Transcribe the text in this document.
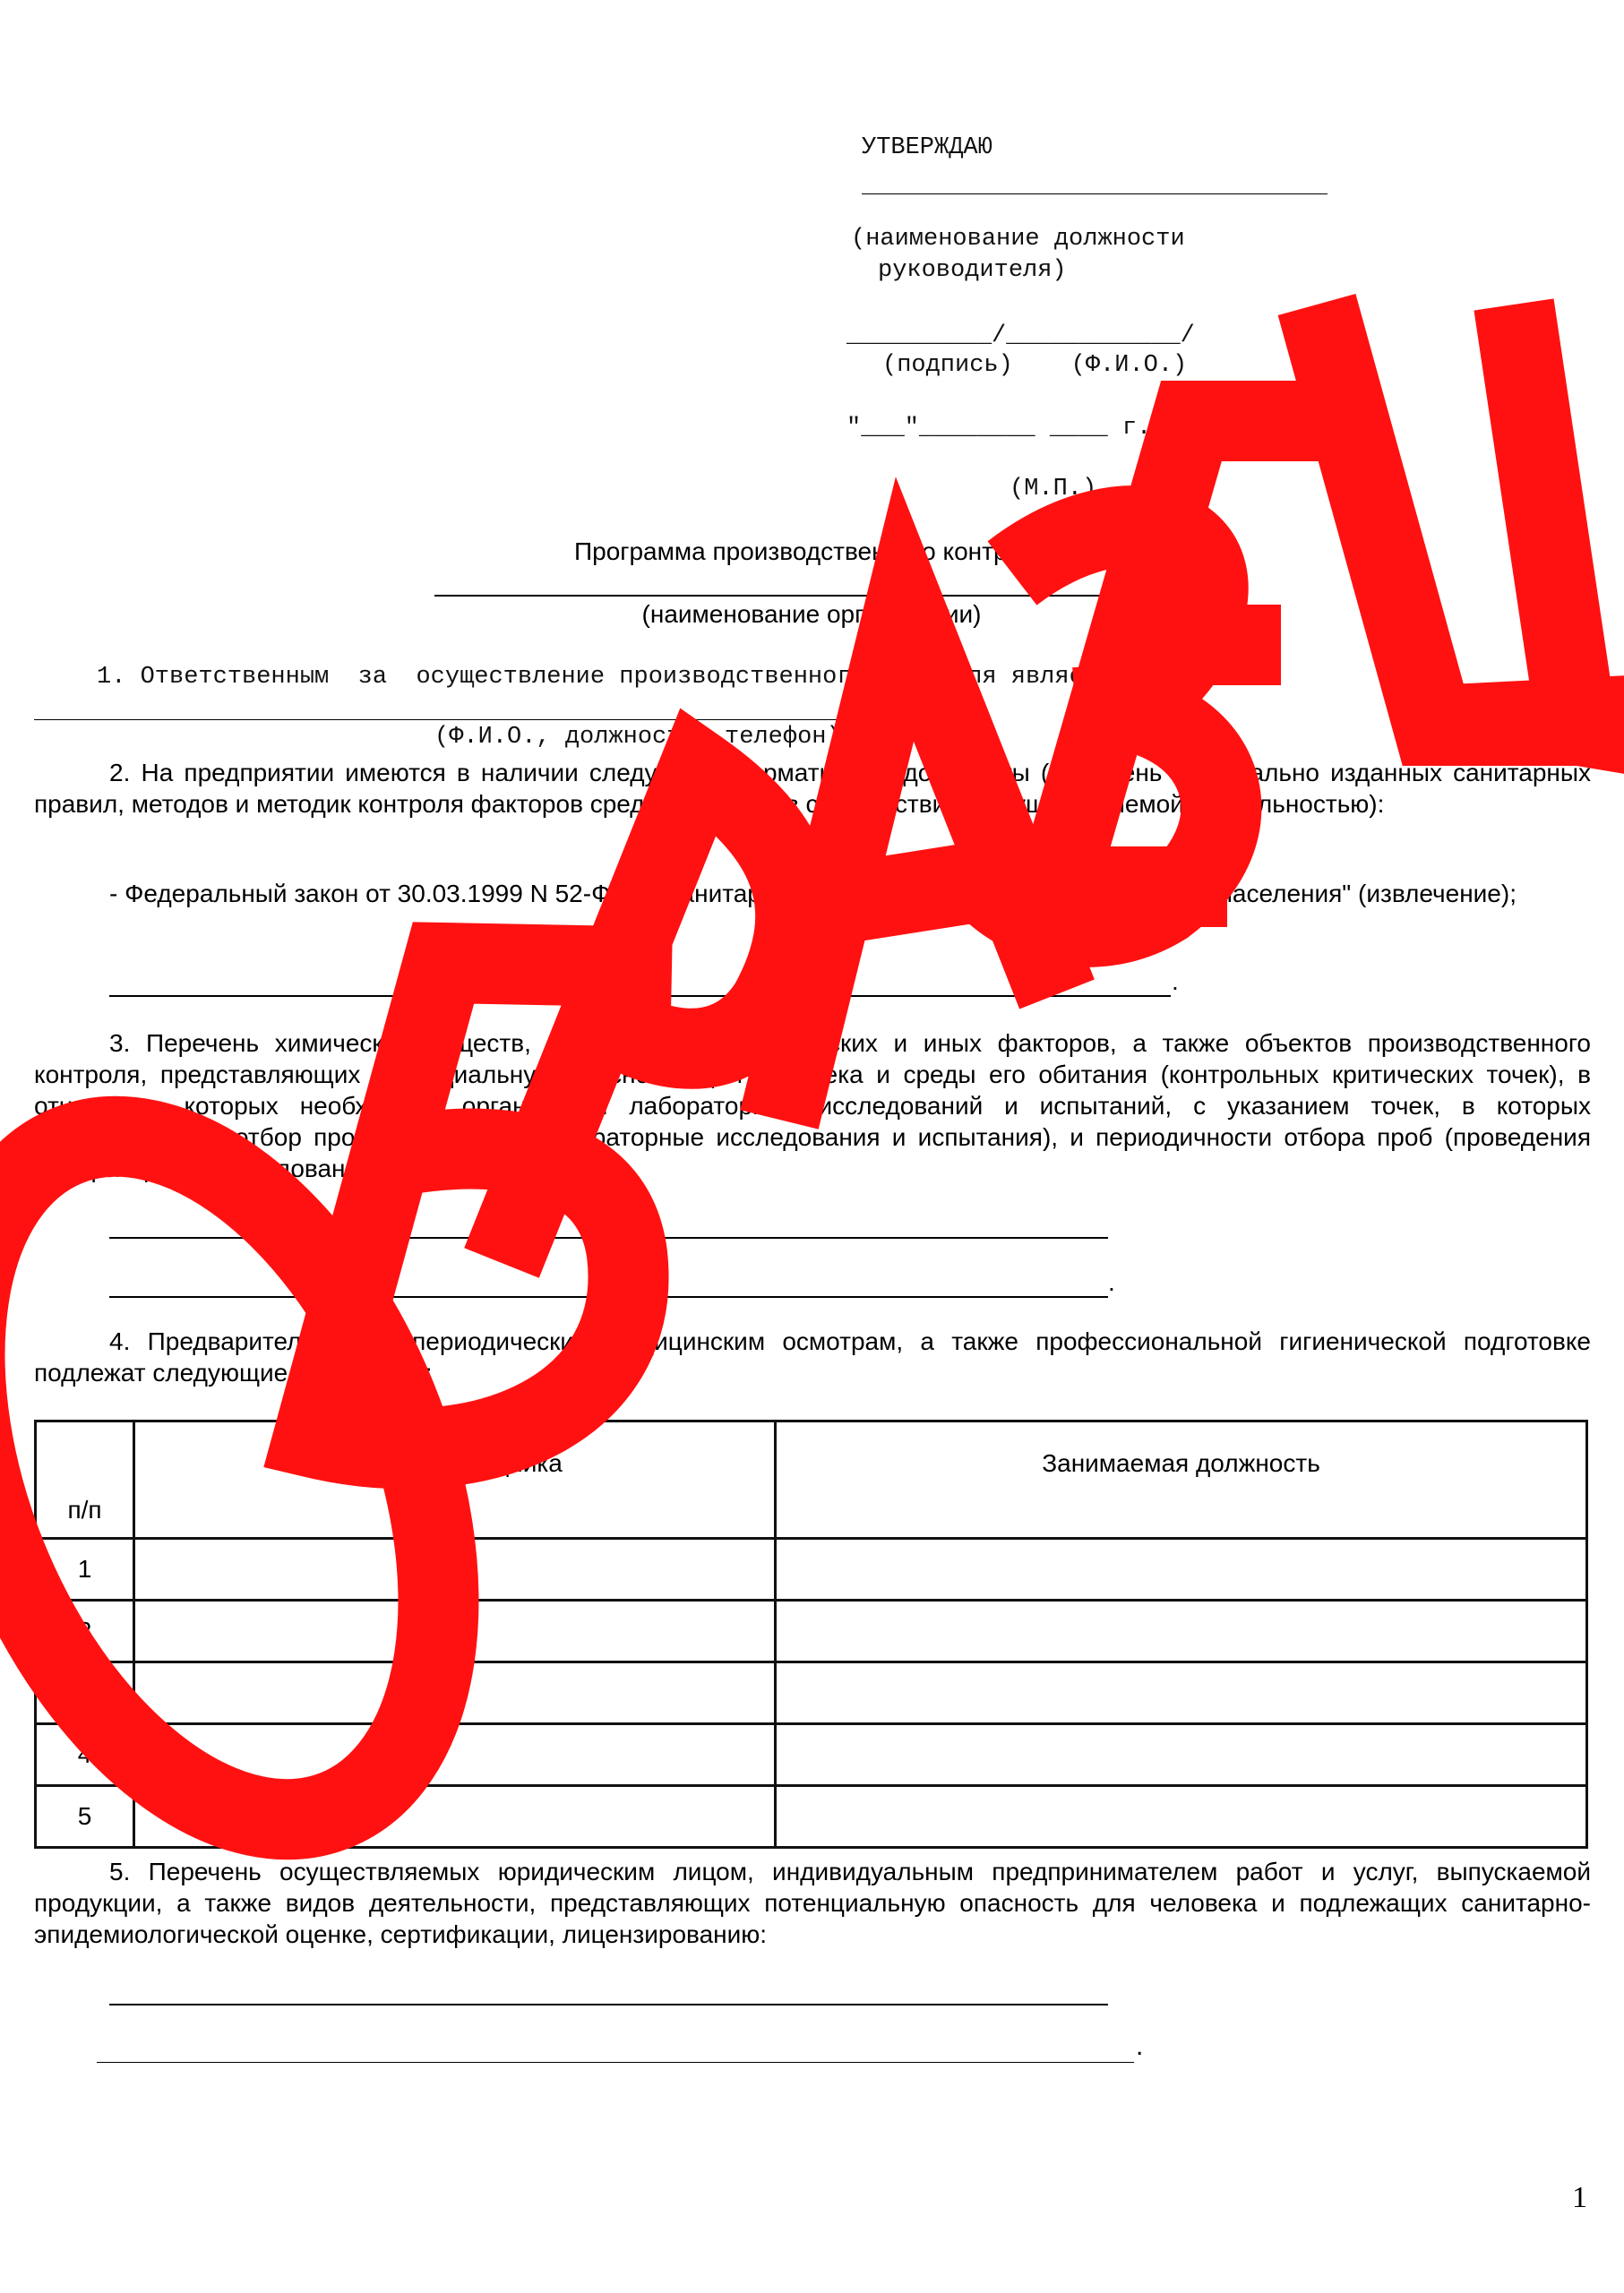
УТВЕРЖДАЮ
(наименование должности
руководителя)
__________/____________/
(подпись)    (Ф.И.О.)
"___"________ ____ г.
(М.П.)
Программа производственного контроля
(наименование организации)
1. Ответственным  за  осуществление производственного контроля является
.
(Ф.И.О., должность, телефон)
2. На предприятии имеются в наличии следующие нормативные документы (Перечень официально изданных санитарных правил, методов и методик контроля факторов среды обитания в соответствии с осуществляемой деятельностью):
- Федеральный закон от 30.03.1999 N 52-ФЗ "О санитарно-эпидемиологическом благополучии населения" (извлечение);
.
3. Перечень химических веществ, биологических, физических и иных факторов, а также объектов производственного контроля, представляющих потенциальную опасность для человека и среды его обитания (контрольных критических точек), в отношении которых необходима организация лабораторных исследований и испытаний, с указанием точек, в которых осуществляется отбор проб (проводятся лабораторные исследования и испытания), и периодичности отбора проб (проведения лабораторных исследований и испытаний):
.
4. Предварительным и периодическим медицинским осмотрам, а также профессиональной гигиенической подготовке подлежат следующие сотрудники:
п/п	Ф.И.О. сотрудника	Занимаемая должность
1		
2		
3		
4		
5		
5. Перечень осуществляемых юридическим лицом, индивидуальным предпринимателем работ и услуг, выпускаемой продукции, а также видов деятельности, представляющих потенциальную опасность для человека и подлежащих санитарно-эпидемиологической оценке, сертификации, лицензированию:
.
1
